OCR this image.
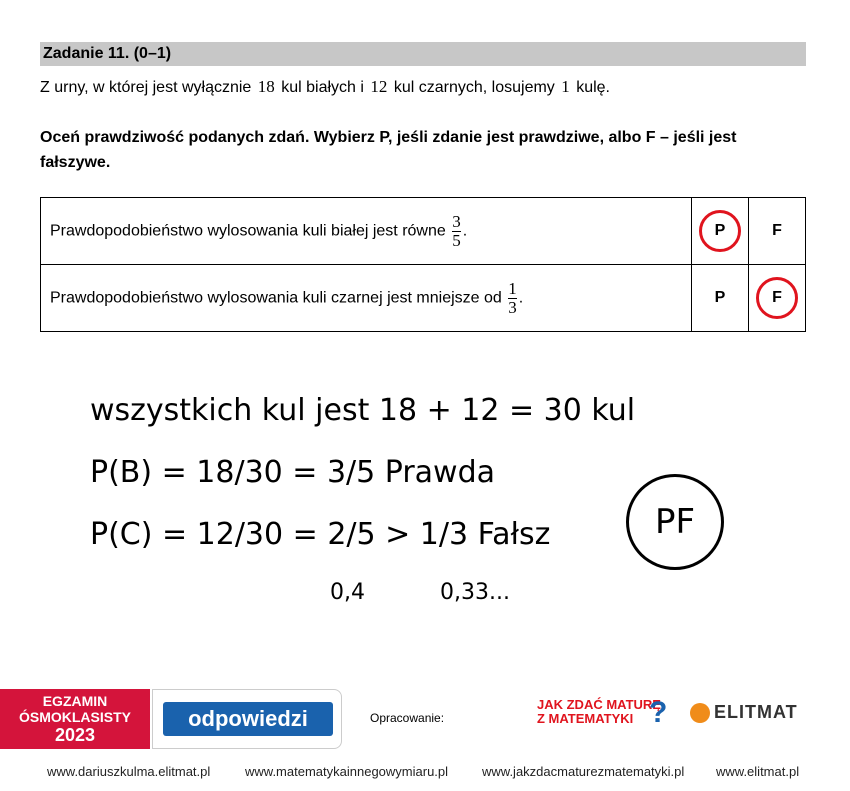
Zadanie 11. (0–1)
Z urny, w której jest wyłącznie 18 kul białych i 12 kul czarnych, losujemy 1 kulę.
Oceń prawdziwość podanych zdań. Wybierz P, jeśli zdanie jest prawdziwe, albo F – jeśli jest fałszywe.
Prawdopodobieństwo wylosowania kuli białej jest równe $\frac{3}{5}$ .	P	F
Prawdopodobieństwo wylosowania kuli czarnej jest mniejsze od $\frac{1}{3}$ .	P	F
wszystkich kul jest 18 + 12 = 30 kul
P(B) = 18/30 = 3/5 Prawda
P(C) = 12/30 = 2/5 > 1/3 Fałsz
0,4	0,33...
PF
EGZAMIN
ÓSMOKLASISTY
2023
odpowiedzi	Opracowanie:
JAK ZDAĆ MATURĘ
Z MATEMATYKI ?	ELITMAT
www.dariuszkulma.elitmat.pl	www.matematykainnegowymiaru.pl	www.jakzdacmaturezmatematyki.pl www.elitmat.pl
